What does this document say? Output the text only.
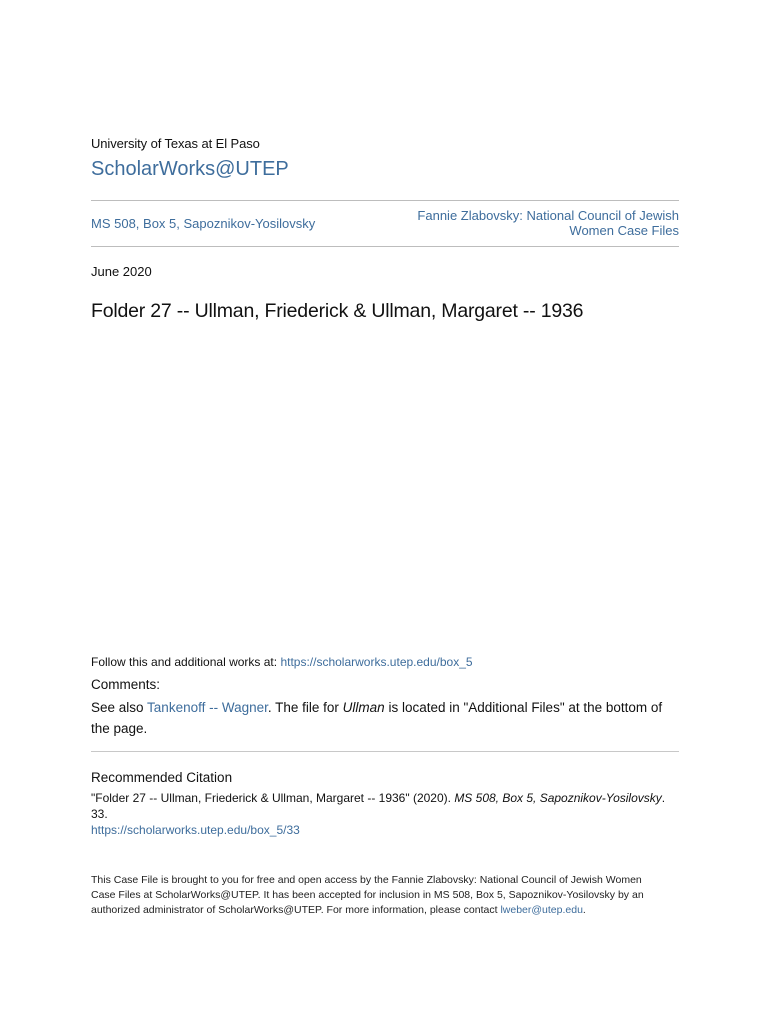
University of Texas at El Paso
ScholarWorks@UTEP
MS 508, Box 5, Sapoznikov-Yosilovsky
Fannie Zlabovsky: National Council of Jewish
Women Case Files
June 2020
Folder 27 -- Ullman, Friederick & Ullman, Margaret -- 1936
Follow this and additional works at: https://scholarworks.utep.edu/box_5
Comments:
See also Tankenoff -- Wagner. The file for Ullman is located in "Additional Files" at the bottom of the page.
Recommended Citation
"Folder 27 -- Ullman, Friederick & Ullman, Margaret -- 1936" (2020). MS 508, Box 5, Sapoznikov-Yosilovsky.
33.
https://scholarworks.utep.edu/box_5/33
This Case File is brought to you for free and open access by the Fannie Zlabovsky: National Council of Jewish Women Case Files at ScholarWorks@UTEP. It has been accepted for inclusion in MS 508, Box 5, Sapoznikov-Yosilovsky by an authorized administrator of ScholarWorks@UTEP. For more information, please contact lweber@utep.edu.
